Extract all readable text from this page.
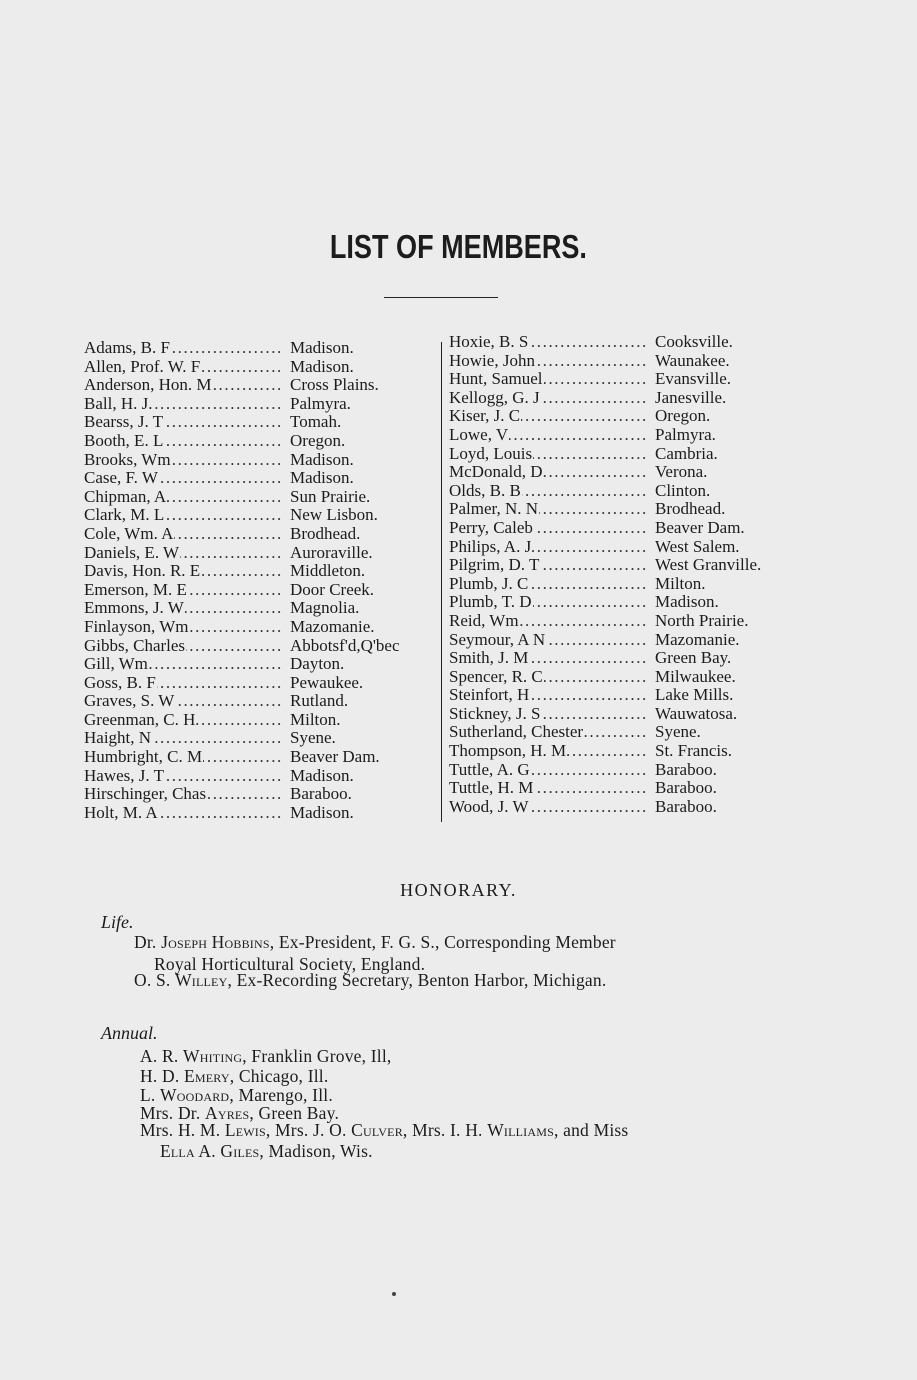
LIST OF MEMBERS.
Adams, B. F .....	Madison.
Allen, Prof. W. F .....	Madison.
Anderson, Hon. M .....	Cross Plains.
Ball, H. J. .....	Palmyra.
Bearss, J. T .....	Tomah.
Booth, E. L .....	Oregon.
Brooks, Wm .....	Madison.
Case, F. W .....	Madison.
Chipman, A .....	Sun Prairie.
Clark, M. L .....	New Lisbon.
Cole, Wm. A .....	Brodhead.
Daniels, E. W .....	Auroraville.
Davis, Hon. R. E .....	Middleton.
Emerson, M. E .....	Door Creek.
Emmons, J. W .....	Magnolia.
Finlayson, Wm .....	Mazomanie.
Gibbs, Charles .....	Abbotsf'd,Q'bec
Gill, Wm .....	Dayton.
Goss, B. F .....	Pewaukee.
Graves, S. W .....	Rutland.
Greenman, C. H .....	Milton.
Haight, N .....	Syene.
Humbright, C. M .....	Beaver Dam.
Hawes, J. T .....	Madison.
Hirschinger, Chas .....	Baraboo.
Holt, M. A .....	Madison.
Hoxie, B. S .....	Cooksville.
Howie, John .....	Waunakee.
Hunt, Samuel .....	Evansville.
Kellogg, G. J .....	Janesville.
Kiser, J. C .....	Oregon.
Lowe, V .....	Palmyra.
Loyd, Louis .....	Cambria.
McDonald, D .....	Verona.
Olds, B. B .....	Clinton.
Palmer, N. N .....	Brodhead.
Perry, Caleb .....	Beaver Dam.
Philips, A. J .....	West Salem.
Pilgrim, D. T .....	West Granville.
Plumb, J. C .....	Milton.
Plumb, T. D .....	Madison.
Reid, Wm .....	North Prairie.
Seymour, A N .....	Mazomanie.
Smith, J. M .....	Green Bay.
Spencer, R. C .....	Milwaukee.
Steinfort, H .....	Lake Mills.
Stickney, J. S .....	Wauwatosa.
Sutherland, Chester .....	Syene.
Thompson, H. M .....	St. Francis.
Tuttle, A. G .....	Baraboo.
Tuttle, H. M .....	Baraboo.
Wood, J. W .....	Baraboo.
HONORARY.
Life.
Dr. Joseph Hobbins, Ex-President, F. G. S., Corresponding Member
Royal Horticultural Society, England.
O. S. Willey, Ex-Recording Secretary, Benton Harbor, Michigan.
Annual.
A. R. Whiting, Franklin Grove, Ill,
H. D. Emery, Chicago, Ill.
L. Woodard, Marengo, Ill.
Mrs. Dr. Ayres, Green Bay.
Mrs. H. M. Lewis, Mrs. J. O. Culver, Mrs. I. H. Williams, and Miss
Ella A. Giles, Madison, Wis.
